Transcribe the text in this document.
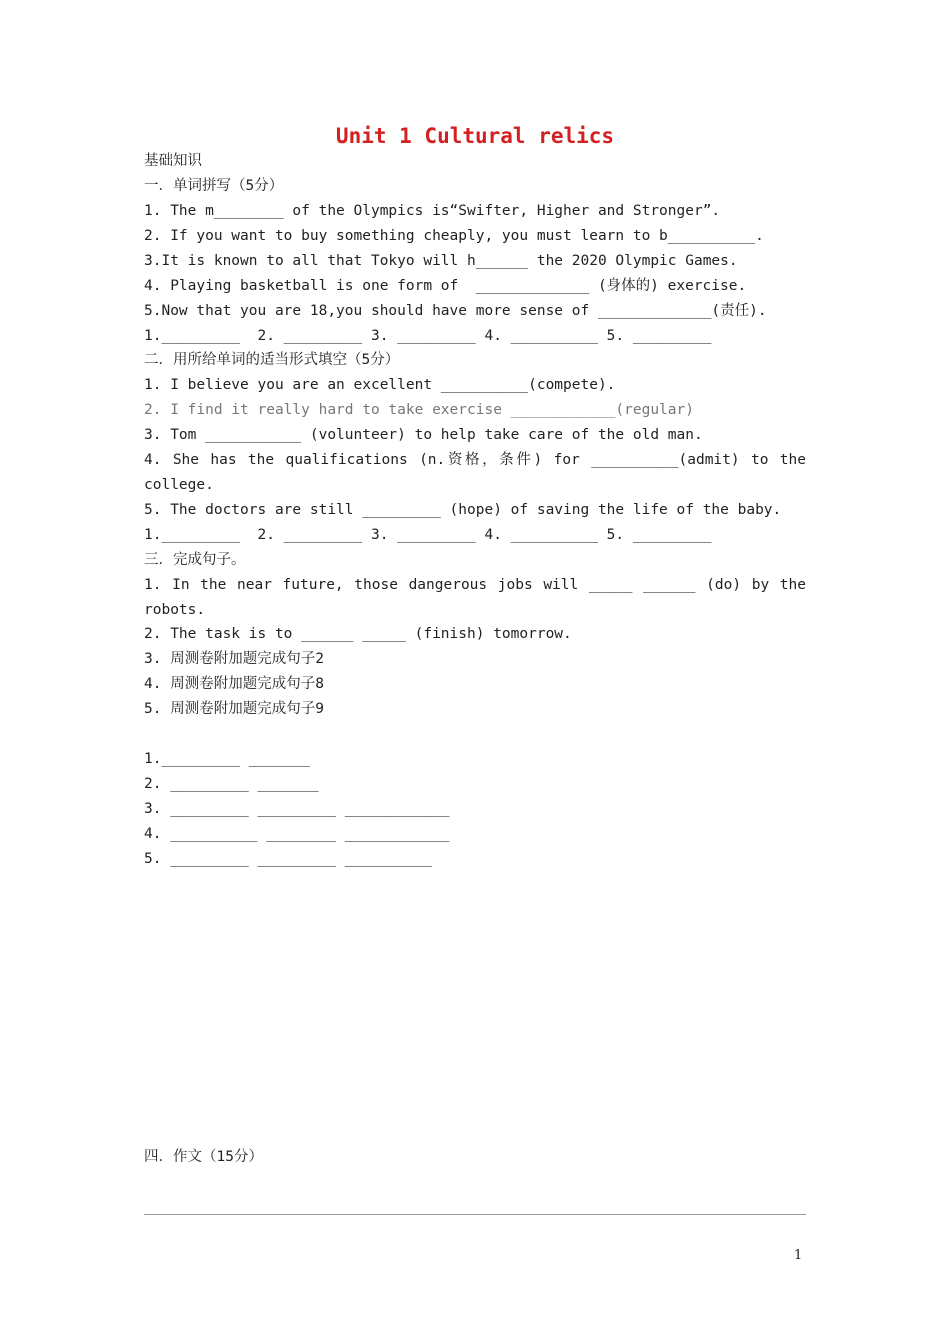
Unit 1 Cultural relics
基础知识
一．单词拼写（5分）
1. The m________ of the Olympics is“Swifter, Higher and Stronger”.
2. If you want to buy something cheaply, you must learn to b__________.
3.It is known to all that Tokyo will h______ the 2020 Olympic Games.
4. Playing basketball is one form of  _____________ (身体的) exercise.
5.Now that you are 18,you should have more sense of _____________(责任).
1._________  2. _________ 3. _________ 4. __________ 5. _________
二．用所给单词的适当形式填空（5分）
1. I believe you are an excellent __________(compete).
2. I find it really hard to take exercise ____________(regular)
3. Tom ___________ (volunteer) to help take care of the old man.
4. She has the qualifications (n.资格，条件) for __________(admit) to the
college.
5. The doctors are still _________ (hope) of saving the life of the baby.
1._________  2. _________ 3. _________ 4. __________ 5. _________
三．完成句子。
1. In the near future, those dangerous jobs will _____ ______ (do) by the
robots.
2. The task is to ______ _____ (finish) tomorrow.
3. 周测卷附加题完成句子2
4. 周测卷附加题完成句子8
5. 周测卷附加题完成句子9
1._________ _______
2. _________ _______
3. _________ _________ ____________
4. __________ ________ ____________
5. _________ _________ __________
四．作文（15分）
1
